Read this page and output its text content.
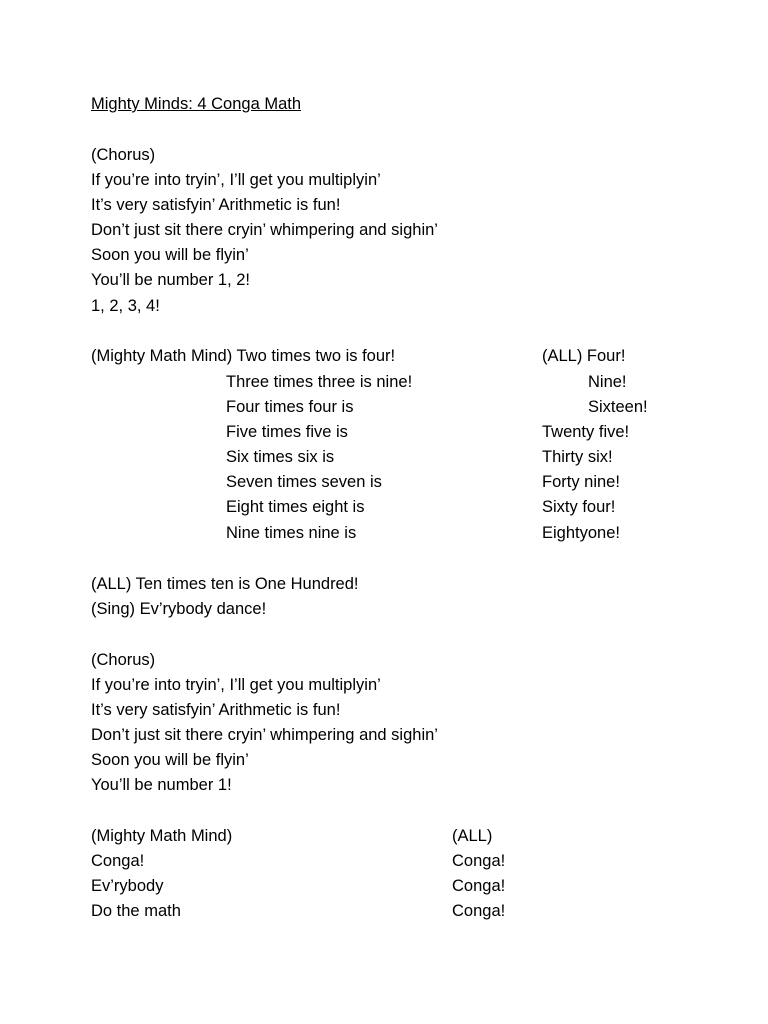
Mighty Minds: 4 Conga Math
(Chorus)
If you’re into tryin’, I’ll get you multiplyin’
It’s very satisfyin’ Arithmetic is fun!
Don’t just sit there cryin’ whimpering and sighin’
Soon you will be flyin’
You’ll be number 1, 2!
1, 2, 3, 4!
(Mighty Math Mind) Two times two is four!	(ALL) Four!
Three times three is nine!	Nine!
Four times four is	Sixteen!
Five times five is	Twenty five!
Six times six is	Thirty six!
Seven times seven is	Forty nine!
Eight times eight is	Sixty four!
Nine times nine is	Eightyone!
(ALL) Ten times ten is One Hundred!
(Sing) Ev’rybody dance!
(Chorus)
If you’re into tryin’, I’ll get you multiplyin’
It’s very satisfyin’ Arithmetic is fun!
Don’t just sit there cryin’ whimpering and sighin’
Soon you will be flyin’
You’ll be number 1!
(Mighty Math Mind)	(ALL)
Conga!	Conga!
Ev’rybody	Conga!
Do the math	Conga!
